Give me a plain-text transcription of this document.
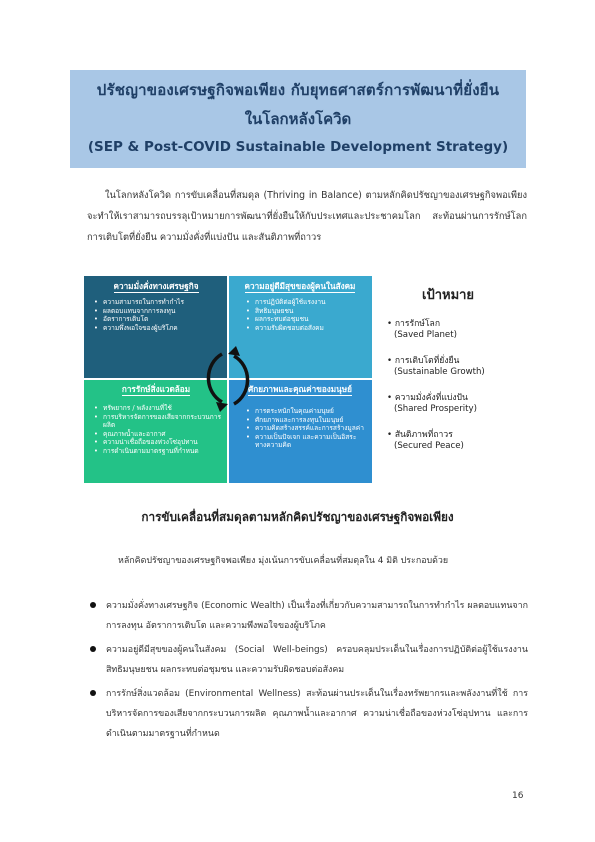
ปรัชญาของเศรษฐกิจพอเพียง กับยุทธศาสตร์การพัฒนาที่ยั่งยืน
ในโลกหลังโควิด
(SEP & Post-COVID Sustainable Development Strategy)

ในโลกหลังโควิด การขับเคลื่อนที่สมดุล (Thriving in Balance) ตามหลักคิดปรัชญาของเศรษฐกิจพอเพียง จะทำให้เราสามารถบรรลุเป้าหมายการพัฒนาที่ยั่งยืนให้กับประเทศและประชาคมโลก สะท้อนผ่านการรักษ์โลก การเติบโตที่ยั่งยืน ความมั่งคั่งที่แบ่งปัน และสันติภาพที่ถาวร

ความมั่งคั่งทางเศรษฐกิจ
• ความสามารถในการทำกำไร
• ผลตอบแทนจากการลงทุน
• อัตราการเติบโต
• ความพึ่งพอใจของผู้บริโภค
ความอยู่ดีมีสุขของผู้คนในสังคม
• การปฏิบัติต่อผู้ใช้แรงงาน
• สิทธิมนุษยชน
• ผลกระทบต่อชุมชน
• ความรับผิดชอบต่อสังคม
การรักษ์สิ่งแวดล้อม
• ทรัพยากร / พลังงานที่ใช้
• การบริหารจัดการของเสียจากกระบวนการผลิต
• คุณภาพน้ำและอากาศ
• ความน่าเชื่อถือของห่วงโซ่อุปทาน
• การดำเนินตามมาตรฐานที่กำหนด
ศักยภาพและคุณค่าของมนุษย์
• การตระหนักในคุณค่ามนุษย์
• ศักยภาพและการลงทุนในมนุษย์
• ความคิดสร้างสรรค์และการสร้างมูลค่า
• ความเป็นปัจเจก และความเป็นอิสระทางความคิด
เป้าหมาย
• การรักษ์โลก
(Saved Planet)
• การเติบโตที่ยั่งยืน
(Sustainable Growth)
• ความมั่งคั่งที่แบ่งปัน
(Shared Prosperity)
• สันติภาพที่ถาวร
(Secured Peace)
การขับเคลื่อนที่สมดุลตามหลักคิดปรัชญาของเศรษฐกิจพอเพียง
หลักคิดปรัชญาของเศรษฐกิจพอเพียง มุ่งเน้นการขับเคลื่อนที่สมดุลใน 4 มิติ ประกอบด้วย
ความมั่งคั่งทางเศรษฐกิจ (Economic Wealth) เป็นเรื่องที่เกี่ยวกับความสามารถในการทำกำไร ผลตอบแทนจากการลงทุน อัตราการเติบโต และความพึงพอใจของผู้บริโภค
ความอยู่ดีมีสุขของผู้คนในสังคม (Social Well-beings) ครอบคลุมประเด็นในเรื่องการปฏิบัติต่อผู้ใช้แรงงาน สิทธิมนุษยชน ผลกระทบต่อชุมชน และความรับผิดชอบต่อสังคม
การรักษ์สิ่งแวดล้อม (Environmental Wellness) สะท้อนผ่านประเด็นในเรื่องทรัพยากรและพลังงานที่ใช้ การบริหารจัดการของเสียจากกระบวนการผลิต คุณภาพน้ำและอากาศ ความน่าเชื่อถือของห่วงโซ่อุปทาน และการดำเนินตามมาตรฐานที่กำหนด
16
